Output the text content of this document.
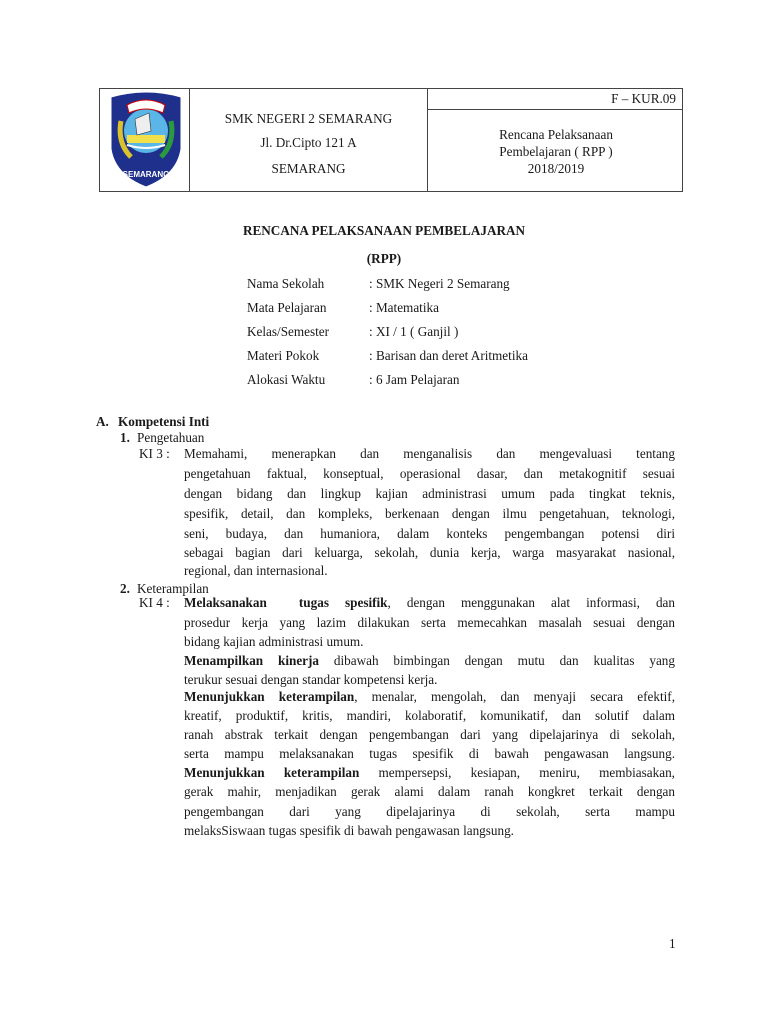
SEMARANG
SMK NEGERI 2 SEMARANG
Jl. Dr.Cipto 121 A
SEMARANG
F – KUR.09
Rencana Pelaksanaan
Pembelajaran ( RPP )
2018/2019
RENCANA PELAKSANAAN PEMBELAJARAN
(RPP)
Nama Sekolah	: SMK Negeri 2 Semarang
Mata Pelajaran	: Matematika
Kelas/Semester	: XI / 1 ( Ganjil )
Materi Pokok	: Barisan dan deret Aritmetika
Alokasi Waktu	: 6 Jam Pelajaran
A. Kompetensi Inti
1. Pengetahuan
KI 3 : Memahami, menerapkan dan menganalisis dan mengevaluasi tentang
pengetahuan faktual, konseptual, operasional dasar, dan metakognitif sesuai
dengan bidang dan lingkup kajian administrasi umum pada tingkat teknis,
spesifik, detail, dan kompleks, berkenaan dengan ilmu pengetahuan, teknologi,
seni, budaya, dan humaniora, dalam konteks pengembangan potensi diri
sebagai bagian dari keluarga, sekolah, dunia kerja, warga masyarakat nasional,
regional, dan internasional.
2. Keterampilan
KI 4 : Melaksanakan  tugas spesifik, dengan menggunakan alat informasi, dan
prosedur kerja yang lazim dilakukan serta memecahkan masalah sesuai dengan
bidang kajian administrasi umum.
Menampilkan kinerja dibawah bimbingan dengan mutu dan kualitas yang
terukur sesuai dengan standar kompetensi kerja.
Menunjukkan keterampilan, menalar, mengolah, dan menyaji secara efektif,
kreatif, produktif, kritis, mandiri, kolaboratif, komunikatif, dan solutif dalam
ranah abstrak terkait dengan pengembangan dari yang dipelajarinya di sekolah,
serta mampu melaksanakan tugas spesifik di bawah pengawasan langsung.
Menunjukkan keterampilan mempersepsi, kesiapan, meniru, membiasakan,
gerak mahir, menjadikan gerak alami dalam ranah kongkret terkait dengan
pengembangan dari yang dipelajarinya di sekolah, serta mampu
melaksSiswaan tugas spesifik di bawah pengawasan langsung.
1
